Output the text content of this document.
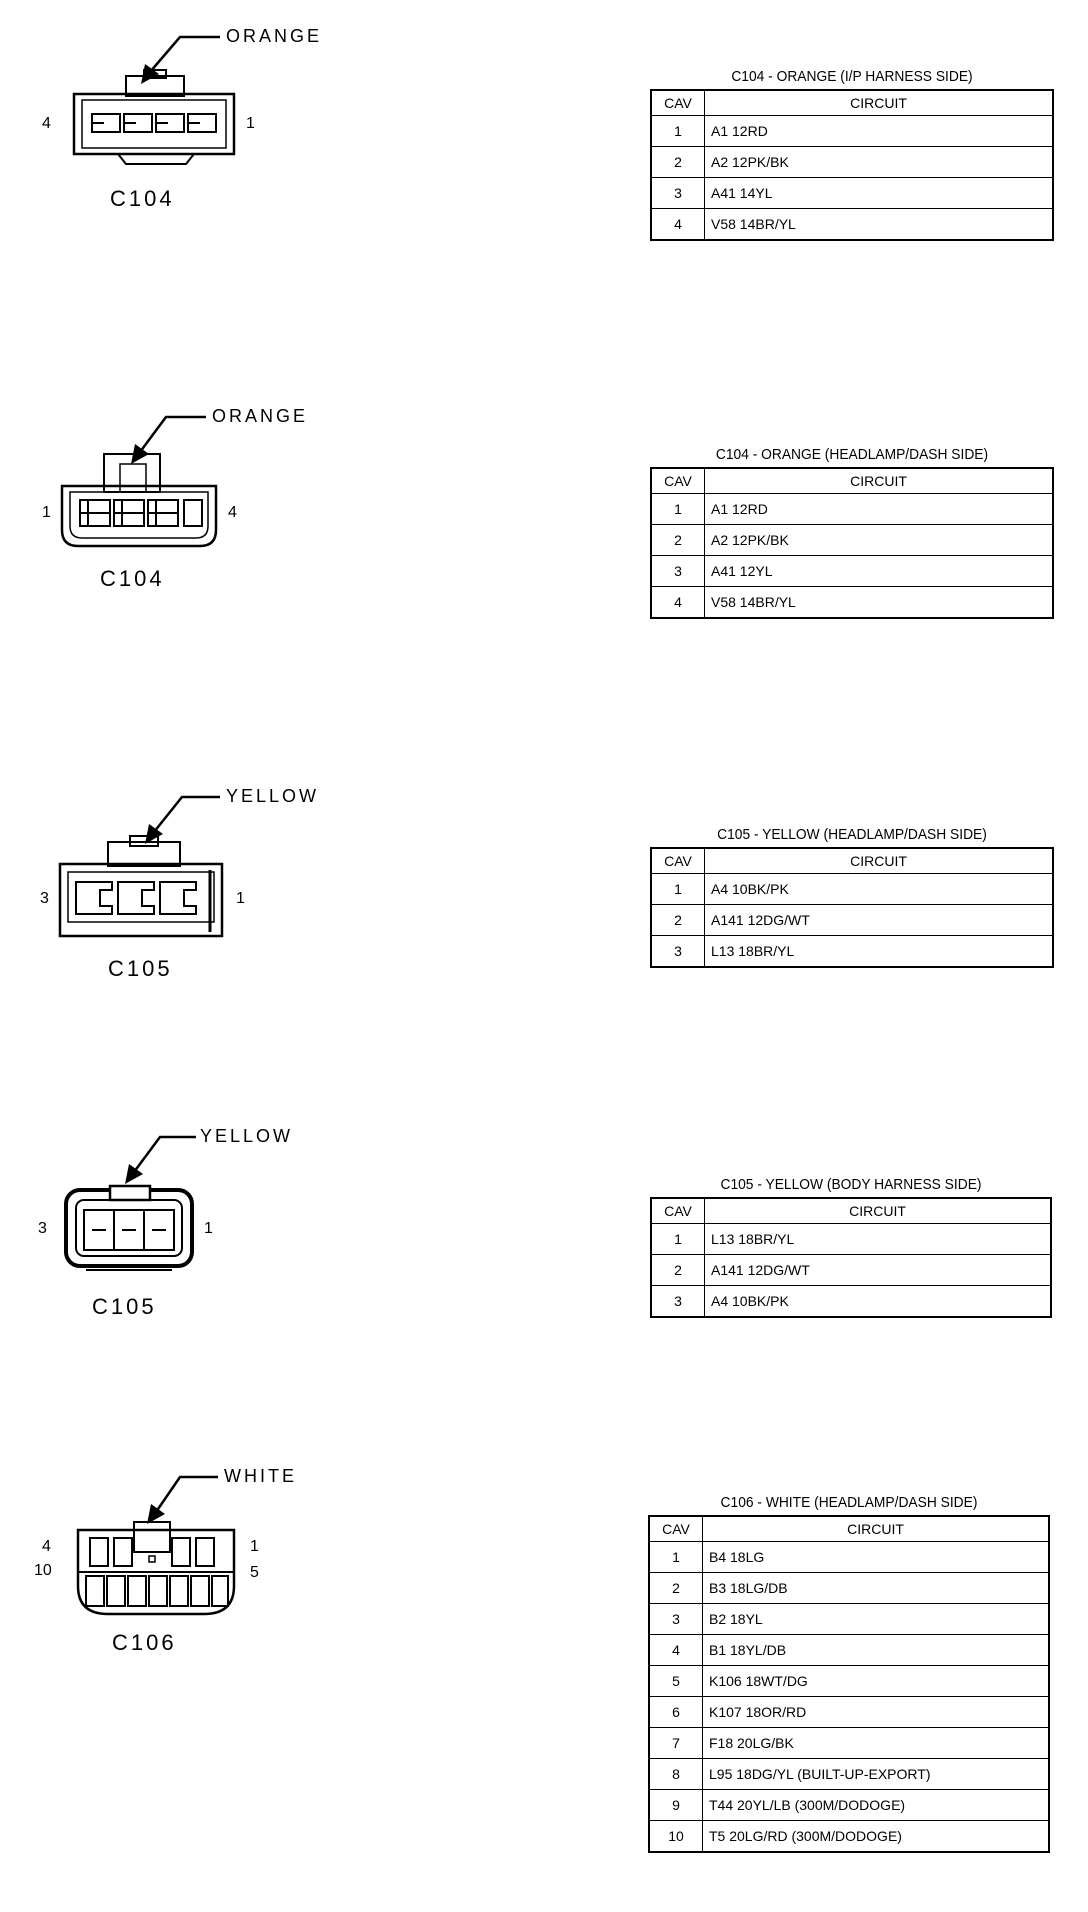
ORANGE
4	1
C104
C104 - ORANGE (I/P HARNESS SIDE)
CAV	CIRCUIT
1	A1 12RD
2	A2 12PK/BK
3	A41 14YL
4	V58 14BR/YL
ORANGE
1	4
C104
C104 - ORANGE (HEADLAMP/DASH SIDE)
CAV	CIRCUIT
1	A1 12RD
2	A2 12PK/BK
3	A41 12YL
4	V58 14BR/YL
YELLOW
3	1
C105
C105 - YELLOW (HEADLAMP/DASH SIDE)
CAV	CIRCUIT
1	A4 10BK/PK
2	A141 12DG/WT
3	L13 18BR/YL
YELLOW
3	1
C105
C105 - YELLOW (BODY HARNESS SIDE)
CAV	CIRCUIT
1	L13 18BR/YL
2	A141 12DG/WT
3	A4 10BK/PK
WHITE
4
10
1
5
C106
C106 - WHITE (HEADLAMP/DASH SIDE)
CAV	CIRCUIT
1	B4 18LG
2	B3 18LG/DB
3	B2 18YL
4	B1 18YL/DB
5	K106 18WT/DG
6	K107 18OR/RD
7	F18 20LG/BK
8	L95 18DG/YL (BUILT-UP-EXPORT)
9	T44 20YL/LB (300M/DODOGE)
10	T5 20LG/RD (300M/DODOGE)
